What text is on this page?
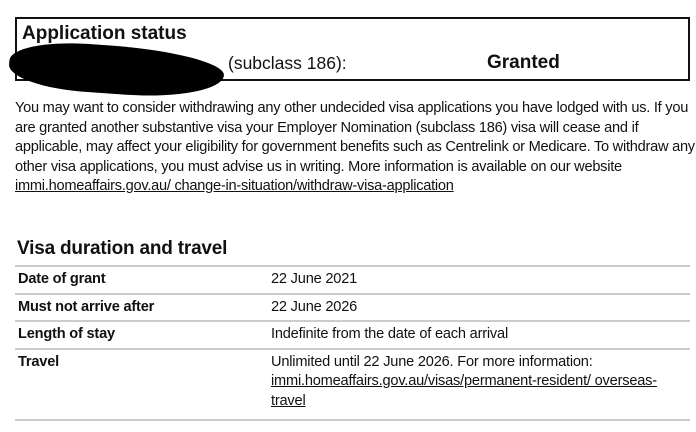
Application status
(subclass 186):	Granted
You may want to consider withdrawing any other undecided visa applications you have lodged with us. If you are granted another substantive visa your Employer Nomination (subclass 186) visa will cease and if applicable, may affect your eligibility for government benefits such as Centrelink or Medicare. To withdraw any other visa applications, you must advise us in writing. More information is available on our website immi.homeaffairs.gov.au/ change-in-situation/withdraw-visa-application
Visa duration and travel
Date of grant	22 June 2021
Must not arrive after	22 June 2026
Length of stay	Indefinite from the date of each arrival
Travel	Unlimited until 22 June 2026. For more information:
immi.homeaffairs.gov.au/visas/permanent-resident/ overseas-travel
